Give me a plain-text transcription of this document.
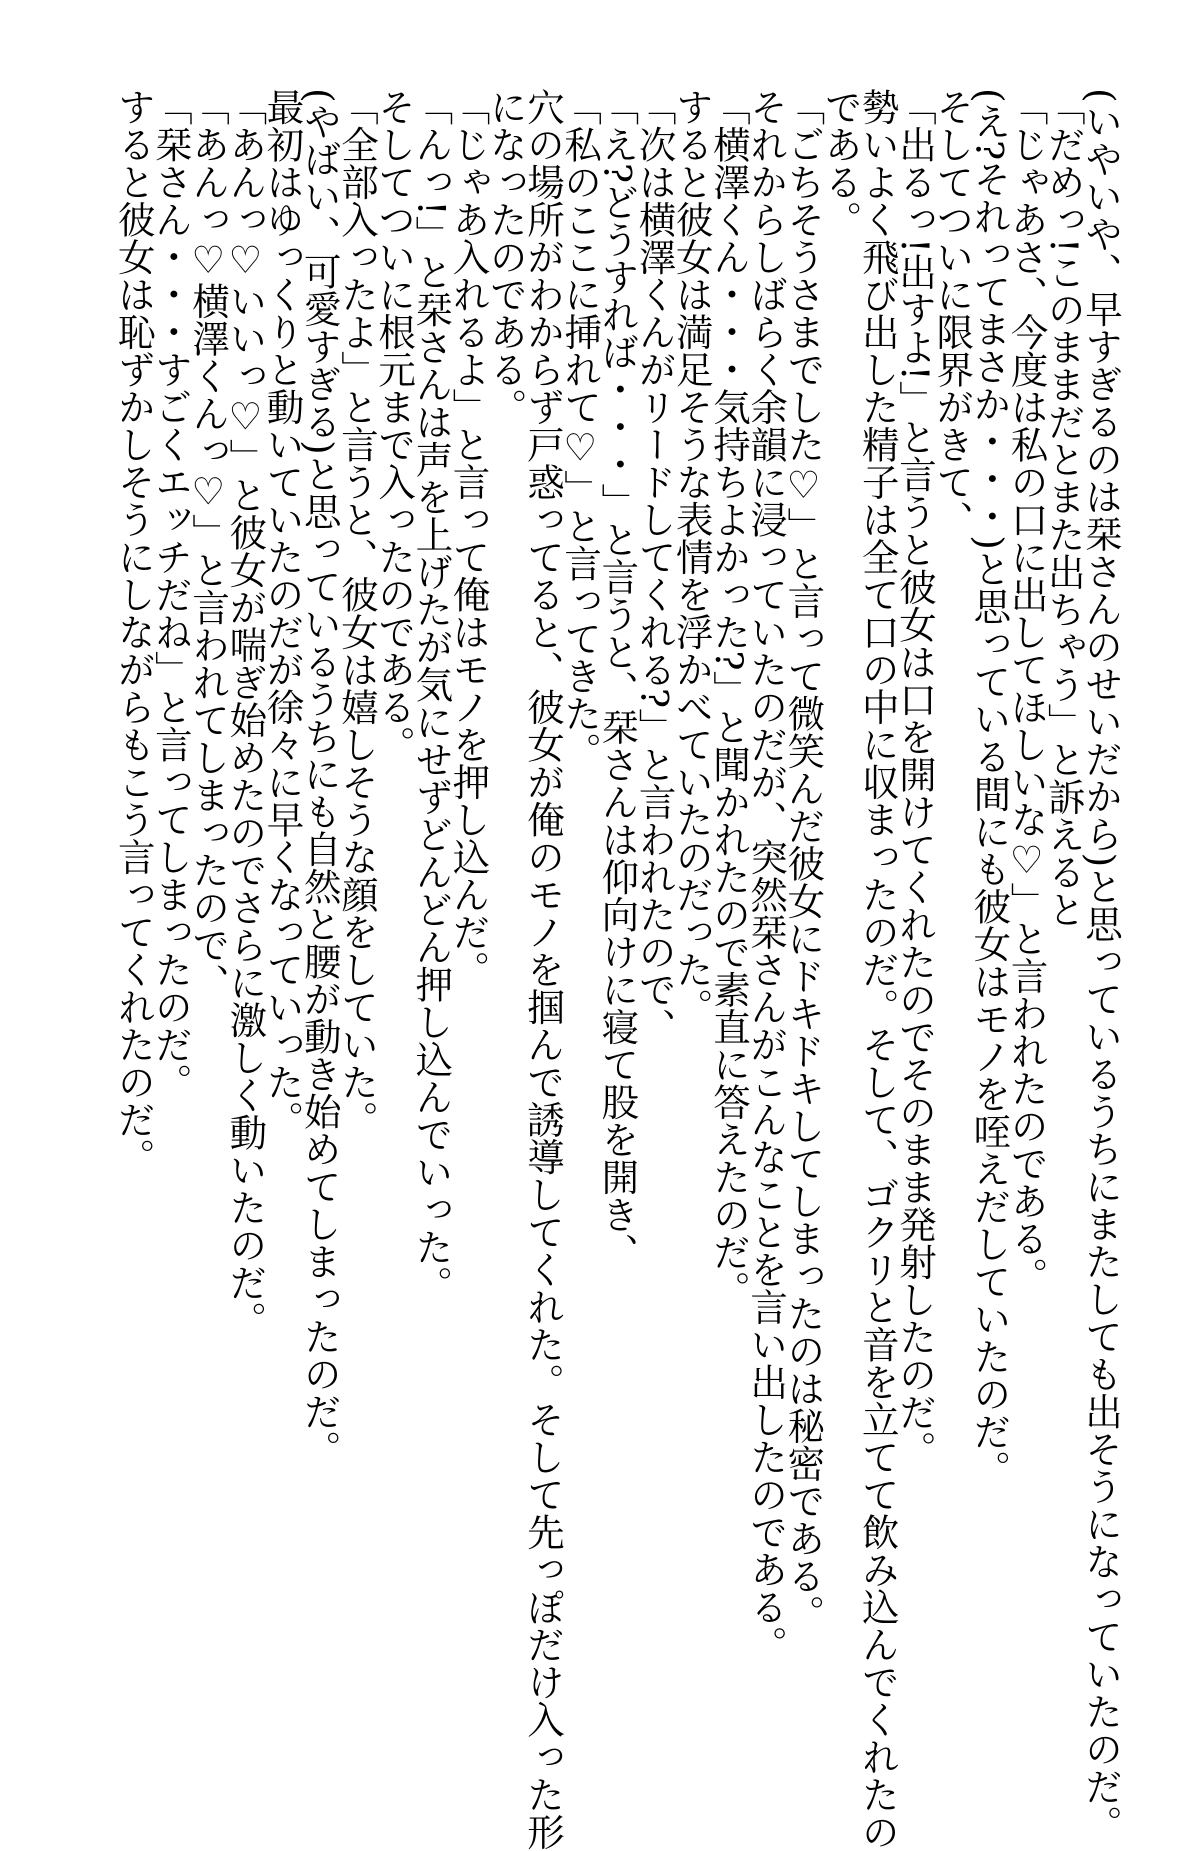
(いやいや、早すぎるのは栞さんのせいだから)と思っているうちにまたしても出そうになっていたのだ。
「だめっ!このままだとまた出ちゃう」と訴えると
「じゃあさ、今度は私の口に出してほしいな♡」と言われたのである。
(え?それってまさか・・・)と思っている間にも彼女はモノを咥えだしていたのだ。
そしてついに限界がきて、
「出るっ!出すよ!」と言うと彼女は口を開けてくれたのでそのまま発射したのだ。
勢いよく飛び出した精子は全て口の中に収まったのだ。そして、ゴクリと音を立てて飲み込んでくれたの
である。
「ごちそうさまでした♡」と言って微笑んだ彼女にドキドキしてしまったのは秘密である。
それからしばらく余韻に浸っていたのだが、突然栞さんがこんなことを言い出したのである。
「横澤くん・・・気持ちよかった?」と聞かれたので素直に答えたのだ。
すると彼女は満足そうな表情を浮かべていたのだった。
「次は横澤くんがリードしてくれる?」と言われたので、
「え?どうすれば・・・」と言うと、栞さんは仰向けに寝て股を開き、
「私のここに挿れて♡」と言ってきた。
穴の場所がわからず戸惑ってると、彼女が俺のモノを掴んで誘導してくれた。そして先っぽだけ入った形
になったのである。
「じゃあ入れるよ」と言って俺はモノを押し込んだ。
「んっ!」と栞さんは声を上げたが気にせずどんどん押し込んでいった。
そしてついに根元まで入ったのである。
「全部入ったよ」と言うと、彼女は嬉しそうな顔をしていた。
(やばい、可愛すぎる)と思っているうちにも自然と腰が動き始めてしまったのだ。
最初はゆっくりと動いていたのだが徐々に早くなっていった。
「あんっ♡いいっ♡」と彼女が喘ぎ始めたのでさらに激しく動いたのだ。
「あんっ♡横澤くんっ♡」と言われてしまったので、
「栞さん・・・すごくエッチだね」と言ってしまったのだ。
すると彼女は恥ずかしそうにしながらもこう言ってくれたのだ。
